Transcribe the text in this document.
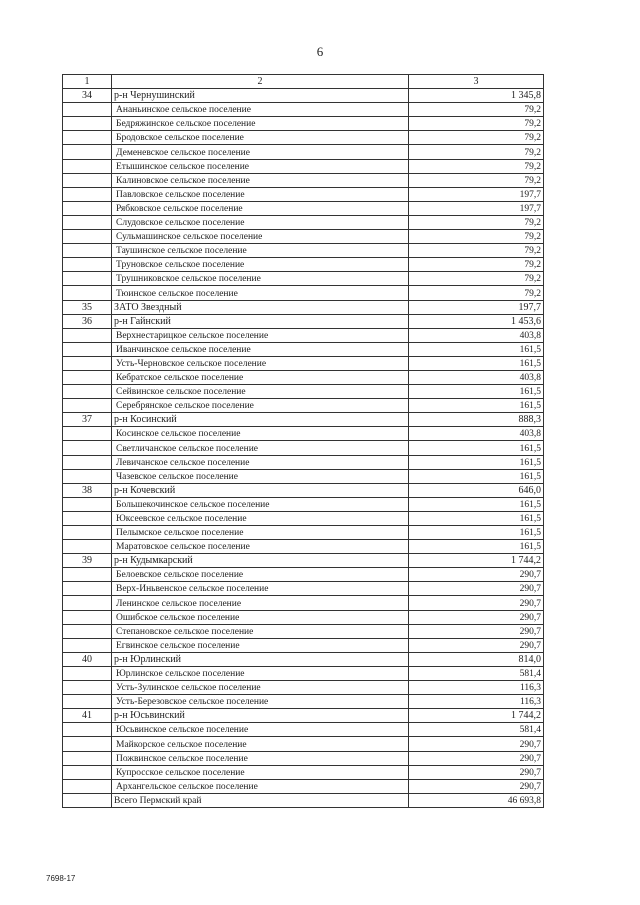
6
1	2	3
34	р-н Чернушинский	1 345,8
	Ананьинское сельское поселение	79,2
	Бедряжинское сельское поселение	79,2
	Бродовское сельское поселение	79,2
	Деменевское сельское поселение	79,2
	Етышинское сельское поселение	79,2
	Калиновское сельское поселение	79,2
	Павловское сельское поселение	197,7
	Рябковское сельское поселение	197,7
	Слудовское сельское поселение	79,2
	Сульмашинское сельское поселение	79,2
	Таушинское сельское поселение	79,2
	Труновское сельское поселение	79,2
	Трушниковское сельское поселение	79,2
	Тюинское сельское поселение	79,2
35	ЗАТО Звездный	197,7
36	р-н Гайнский	1 453,6
	Верхнестарицкое сельское поселение	403,8
	Иванчинское сельское поселение	161,5
	Усть-Черновское сельское поселение	161,5
	Кебратское сельское поселение	403,8
	Сейвинское сельское поселение	161,5
	Серебрянское сельское поселение	161,5
37	р-н Косинский	888,3
	Косинское сельское поселение	403,8
	Светличанское сельское поселение	161,5
	Левичанское сельское поселение	161,5
	Чазевское сельское поселение	161,5
38	р-н Кочевский	646,0
	Большекочинское сельское поселение	161,5
	Юксеевское сельское поселение	161,5
	Пелымское сельское поселение	161,5
	Маратовское сельское поселение	161,5
39	р-н Кудымкарский	1 744,2
	Белоевское сельское поселение	290,7
	Верх-Иньвенское сельское поселение	290,7
	Ленинское сельское поселение	290,7
	Ошибское сельское поселение	290,7
	Степановское сельское поселение	290,7
	Егвинское сельское поселение	290,7
40	р-н Юрлинский	814,0
	Юрлинское сельское поселение	581,4
	Усть-Зулинское сельское поселение	116,3
	Усть-Березовское сельское поселение	116,3
41	р-н Юсьвинский	1 744,2
	Юсьвинское сельское поселение	581,4
	Майкорское сельское поселение	290,7
	Пожвинское сельское поселение	290,7
	Купросское сельское поселение	290,7
	Архангельское сельское поселение	290,7
	Всего Пермский край	46 693,8
7698-17
